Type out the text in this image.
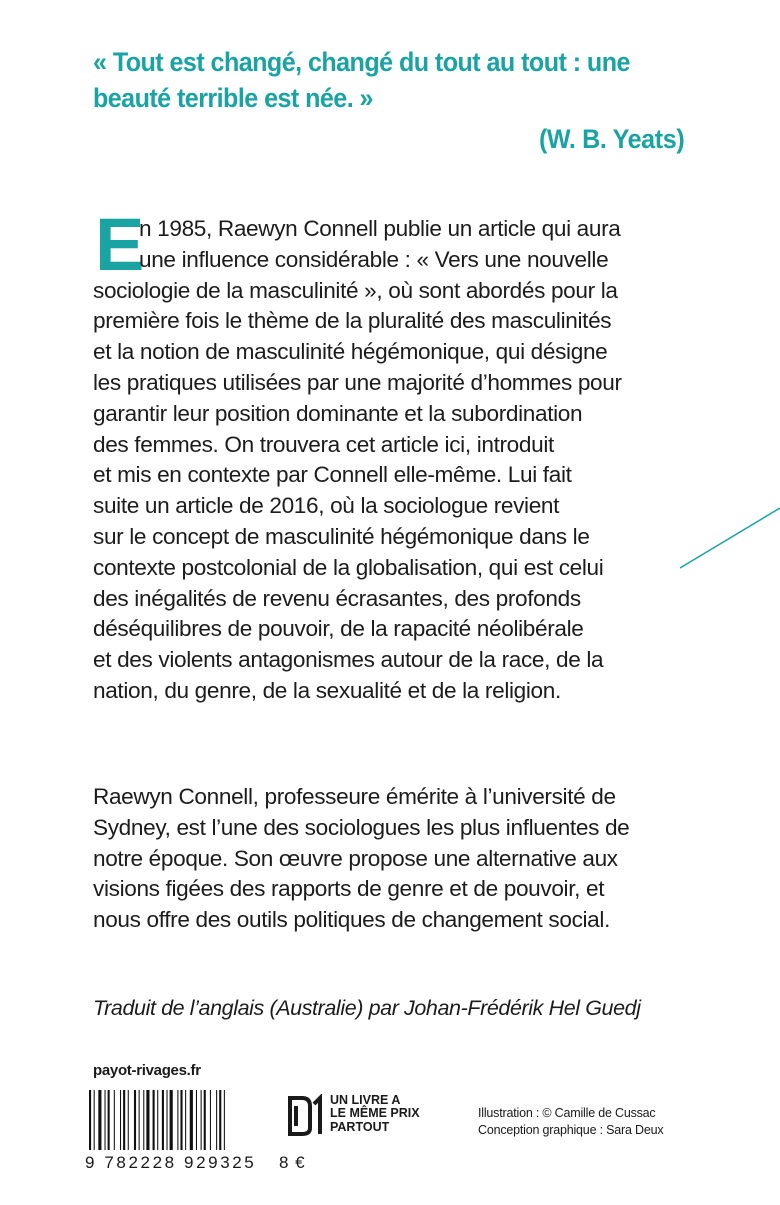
« Tout est changé, changé du tout au tout : une

beauté terrible est née. »

(W. B. Yeats)
E
n 1985, Raewyn Connell publie un article qui aura
une influence considérable : « Vers une nouvelle
sociologie de la masculinité », où sont abordés pour la
première fois le thème de la pluralité des masculinités
et la notion de masculinité hégémonique, qui désigne
les pratiques utilisées par une majorité d’hommes pour
garantir leur position dominante et la subordination
des femmes. On trouvera cet article ici, introduit
et mis en contexte par Connell elle-même. Lui fait
suite un article de 2016, où la sociologue revient
sur le concept de masculinité hégémonique dans le
contexte postcolonial de la globalisation, qui est celui
des inégalités de revenu écrasantes, des profonds
déséquilibres de pouvoir, de la rapacité néolibérale
et des violents antagonismes autour de la race, de la
nation, du genre, de la sexualité et de la religion.
Raewyn Connell, professeure émérite à l’université de
Sydney, est l’une des sociologues les plus influentes de
notre époque. Son œuvre propose une alternative aux
visions figées des rapports de genre et de pouvoir, et
nous offre des outils politiques de changement social.
Traduit de l’anglais (Australie) par Johan-Frédérik Hel Guedj
payot-rivages.fr
9 782228 929325 8 €
UN LIVRE A
LE MÊME PRIX
PARTOUT
Illustration : © Camille de Cussac
Conception graphique : Sara Deux
